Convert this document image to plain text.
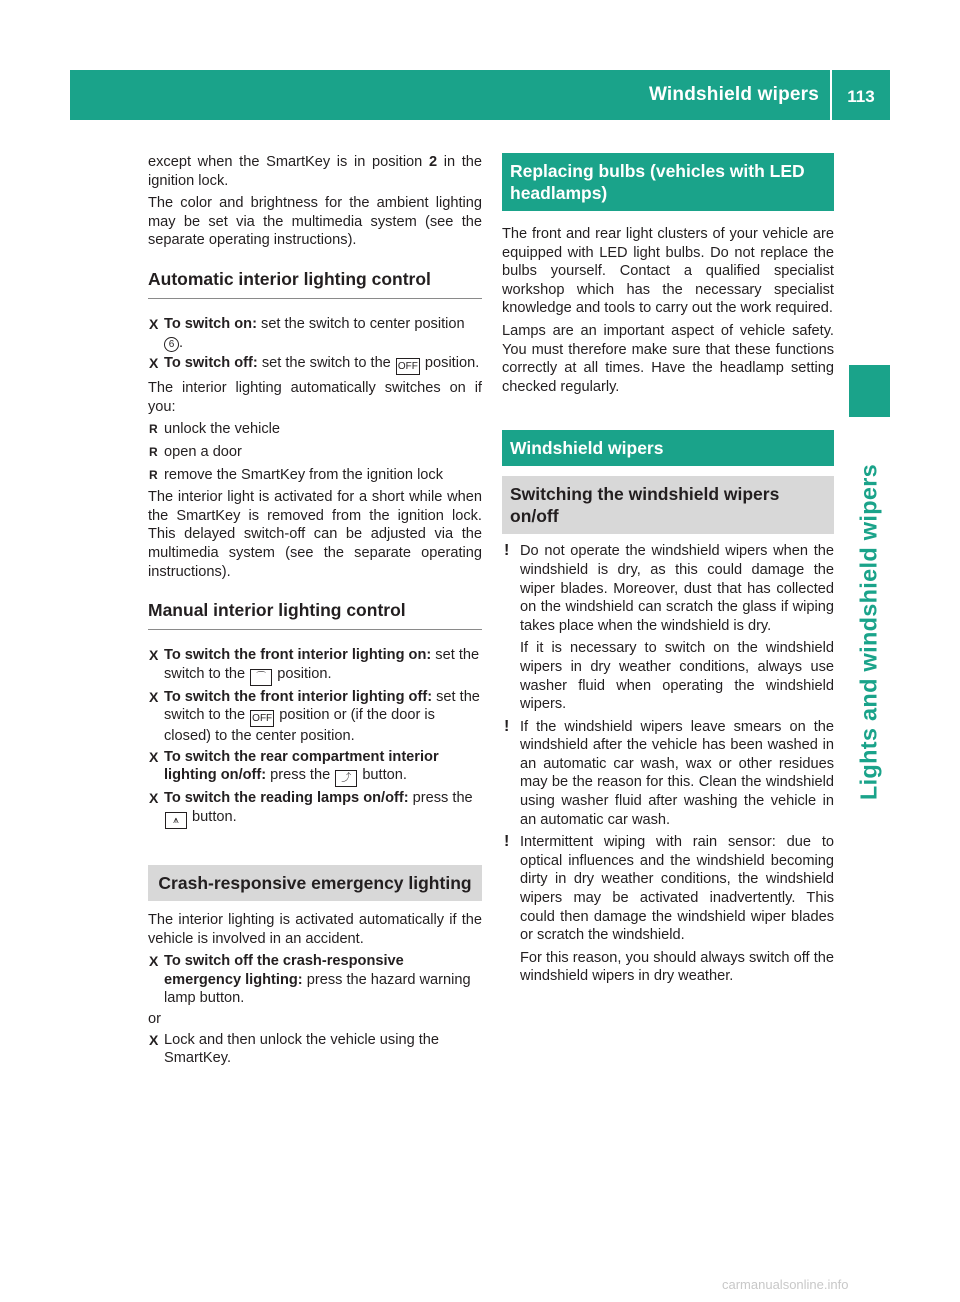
Windshield wipers	113
Lights and windshield wipers

except when the SmartKey is in position 2 in the ignition lock.

The color and brightness for the ambient lighting may be set via the multimedia system (see the separate operating instructions).

Automatic interior lighting control
X To switch on: set the switch to center position 6 .
X To switch off: set the switch to the OFF position.

The interior lighting automatically switches on if you:

R unlock the vehicle
R open a door
R remove the SmartKey from the ignition lock

The interior light is activated for a short while when the SmartKey is removed from the ignition lock. This delayed switch-off can be adjusted via the multimedia system (see the separate operating instructions).

Manual interior lighting control
X To switch the front interior lighting on: set the switch to the ⌒ position.
X To switch the front interior lighting off: set the switch to the OFF position or (if the door is closed) to the center position.
X To switch the rear compartment interior lighting on/off: press the ⤴ button.
X To switch the reading lamps on/off: press the ⩚ button.
Crash-responsive emergency lighting

The interior lighting is activated automatically if the vehicle is involved in an accident.

X To switch off the crash-responsive emergency lighting: press the hazard warning lamp button.

or

X Lock and then unlock the vehicle using the SmartKey.
Replacing bulbs (vehicles with LED headlamps)

The front and rear light clusters of your vehicle are equipped with LED light bulbs. Do not replace the bulbs yourself. Contact a qualified specialist workshop which has the necessary specialist knowledge and tools to carry out the work required.

Lamps are an important aspect of vehicle safety. You must therefore make sure that these functions correctly at all times. Have the headlamp setting checked regularly.

Windshield wipers
Switching the windshield wipers on/off
! Do not operate the windshield wipers when the windshield is dry, as this could damage the wiper blades. Moreover, dust that has collected on the windshield can scratch the glass if wiping takes place when the windshield is dry.

If it is necessary to switch on the windshield wipers in dry weather conditions, always use washer fluid when operating the windshield wipers.

! If the windshield wipers leave smears on the windshield after the vehicle has been washed in an automatic car wash, wax or other residues may be the reason for this. Clean the windshield using washer fluid after washing the vehicle in an automatic car wash.

! Intermittent wiping with rain sensor: due to optical influences and the windshield becoming dirty in dry weather conditions, the windshield wipers may be activated inadvertently. This could then damage the windshield wiper blades or scratch the windshield.

For this reason, you should always switch off the windshield wipers in dry weather.

carmanualsonline.info
